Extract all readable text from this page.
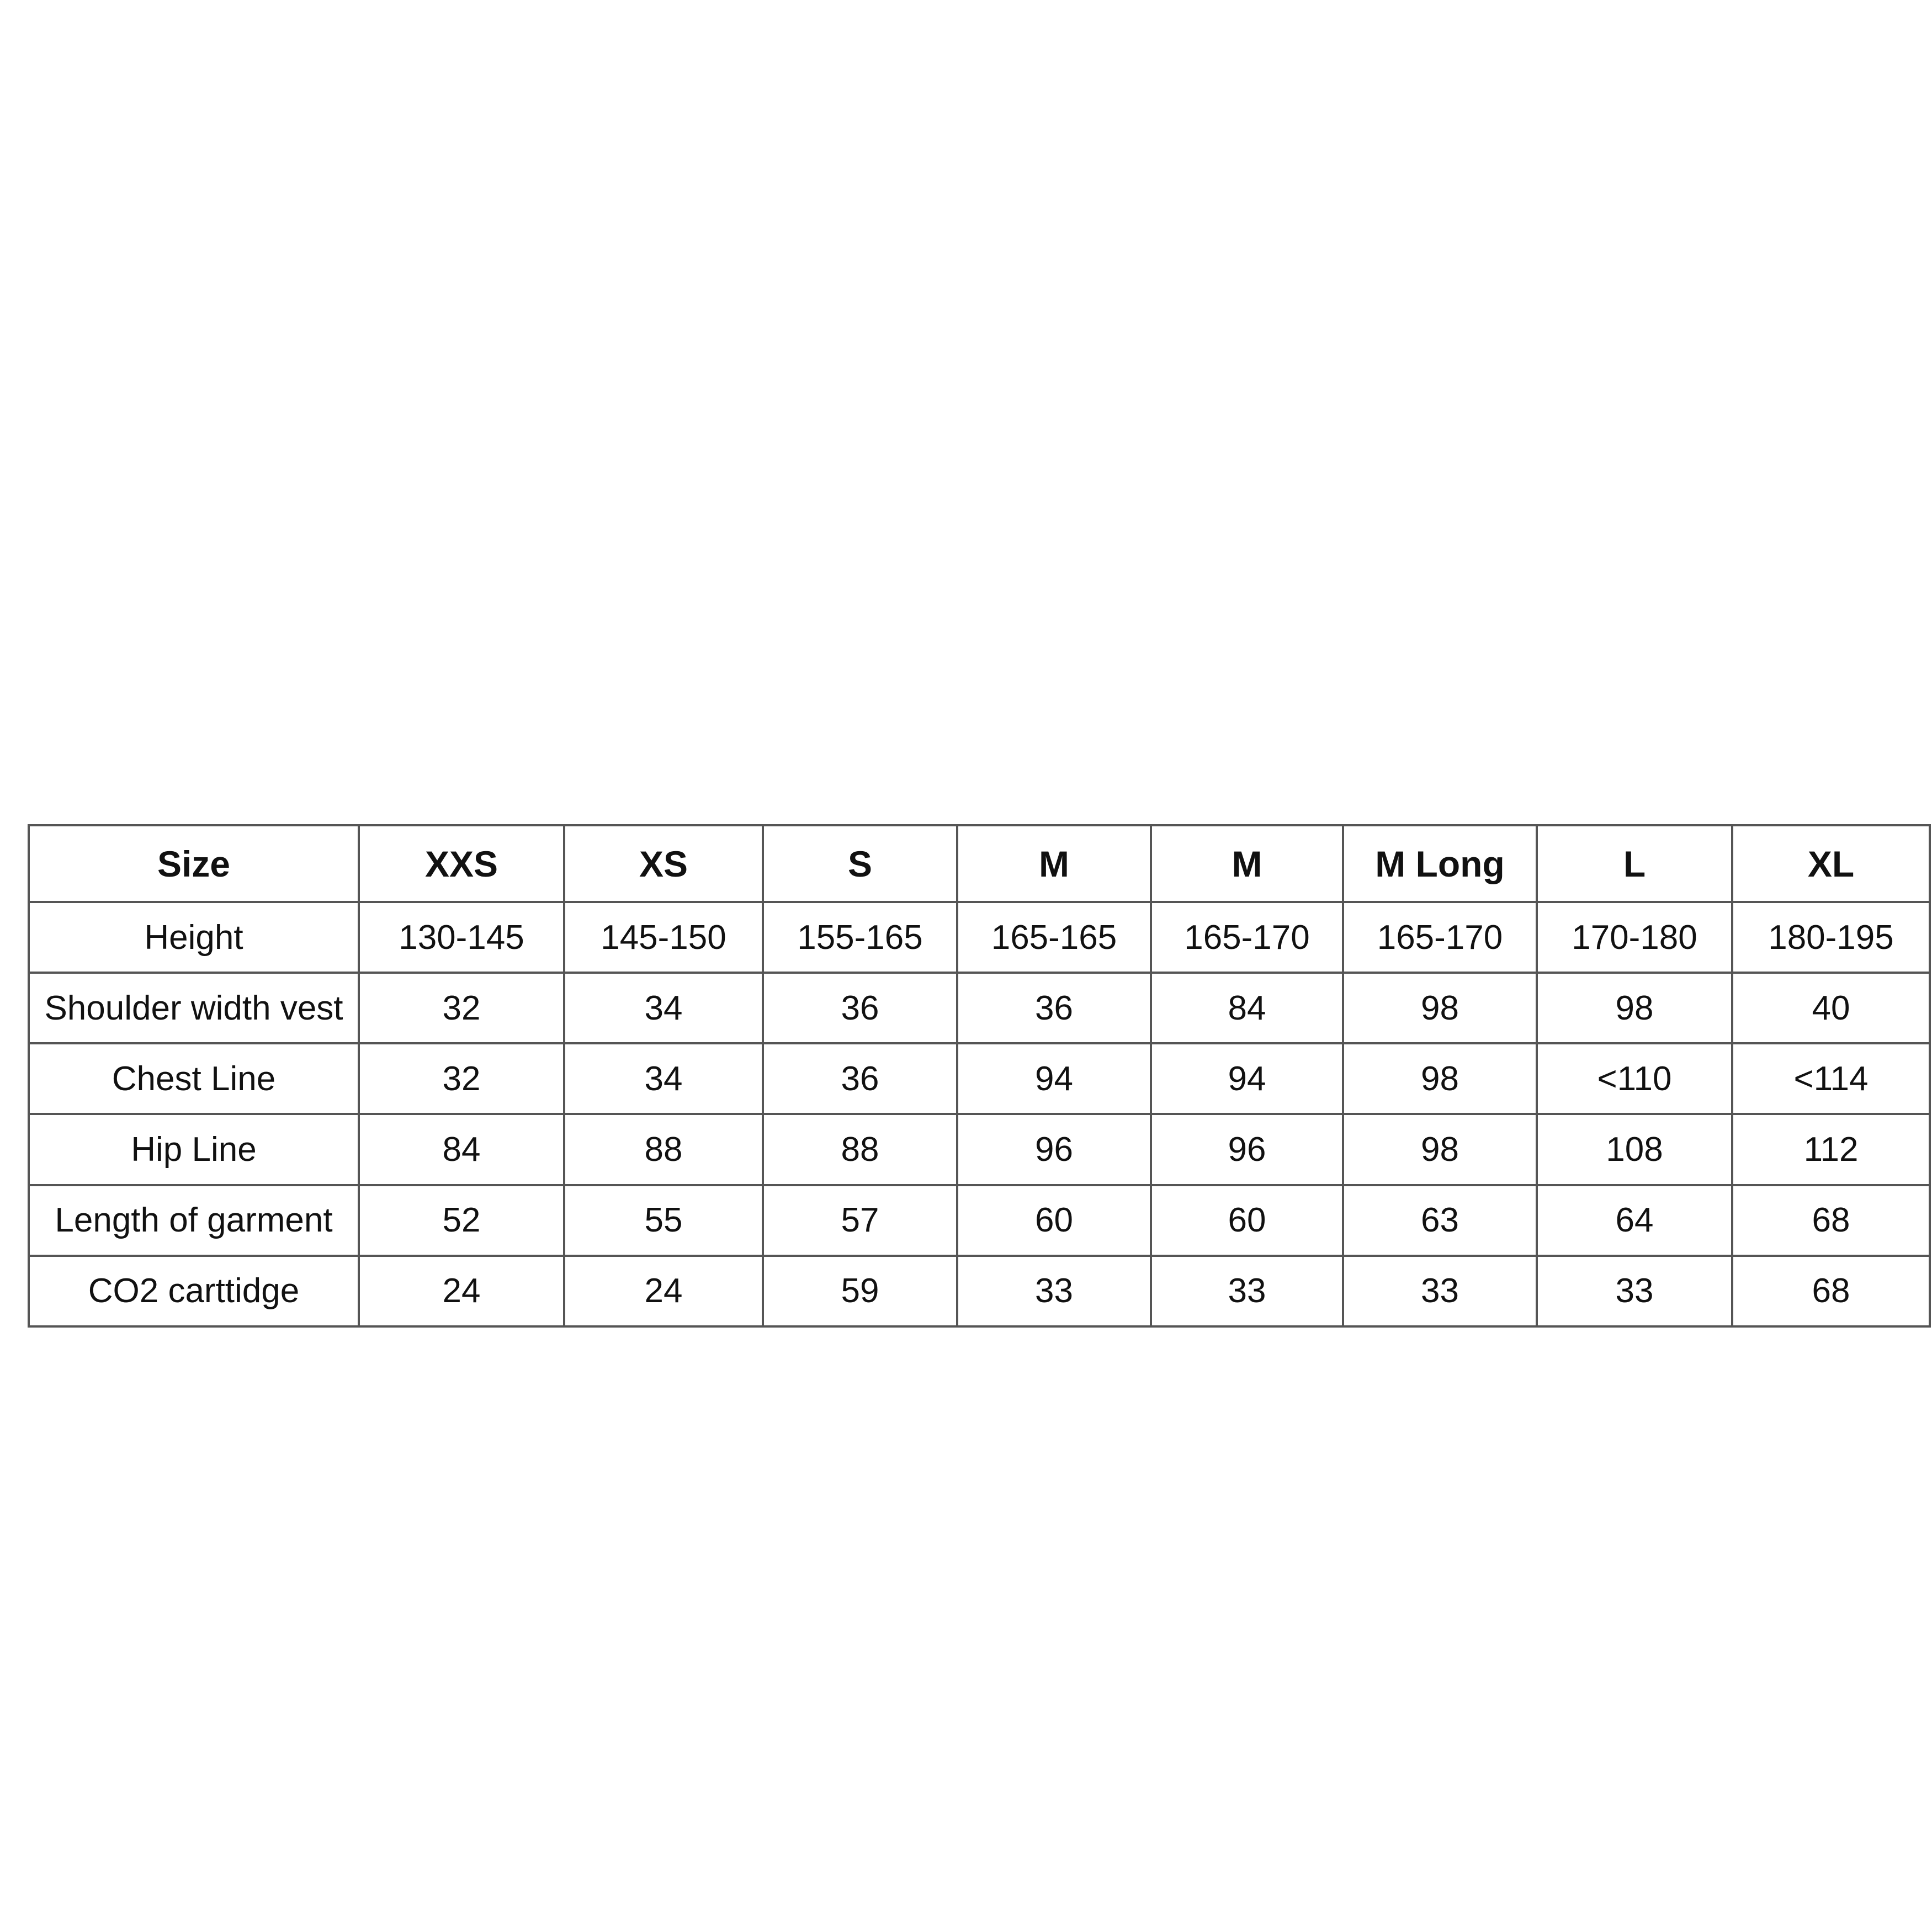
Size	XXS	XS	S	M	M	M Long	L	XL
Height	130-145	145-150	155-165	165-165	165-170	165-170	170-180	180-195
Shoulder width vest	32	34	36	36	84	98	98	40
Chest Line	32	34	36	94	94	98	<110	<114
Hip Line	84	88	88	96	96	98	108	112
Length of garment	52	55	57	60	60	63	64	68
CO2 carttidge	24	24	59	33	33	33	33	68
